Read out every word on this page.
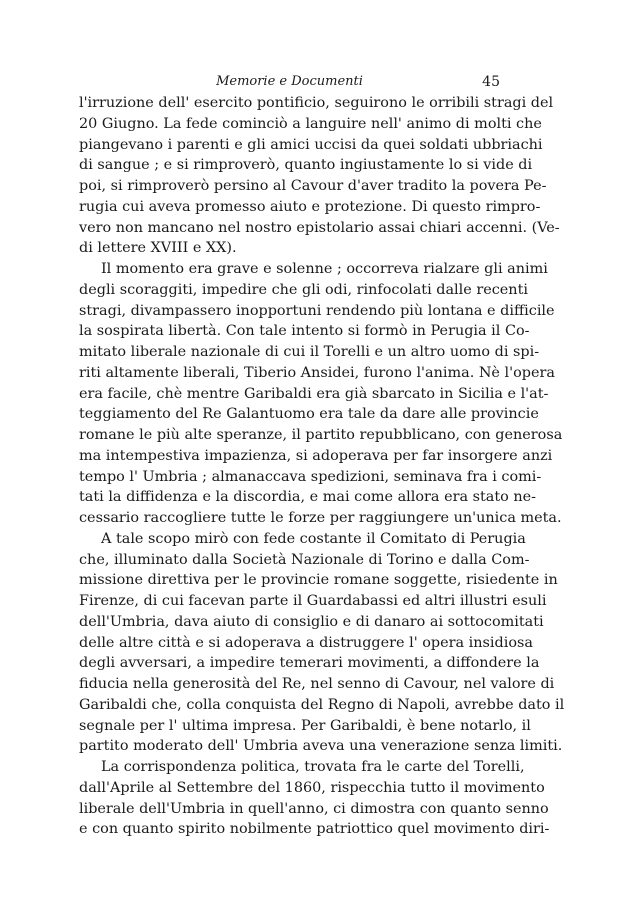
Memorie e Documenti	45
l'irruzione dell' esercito pontificio, seguirono le orribili stragi del
20 Giugno. La fede cominciò a languire nell' animo di molti che
piangevano i parenti e gli amici uccisi da quei soldati ubbriachi
di sangue ; e si rimproverò, quanto ingiustamente lo si vide di
poi, si rimproverò persino al Cavour d'aver tradito la povera Pe-
rugia cui aveva promesso aiuto e protezione. Di questo rimpro-
vero non mancano nel nostro epistolario assai chiari accenni. (Ve-
di lettere XVIII e XX).
Il momento era grave e solenne ; occorreva rialzare gli animi
degli scoraggiti, impedire che gli odi, rinfocolati dalle recenti
stragi, divampassero inopportuni rendendo più lontana e difficile
la sospirata libertà. Con tale intento si formò in Perugia il Co-
mitato liberale nazionale di cui il Torelli e un altro uomo di spi-
riti altamente liberali, Tiberio Ansidei, furono l'anima. Nè l'opera
era facile, chè mentre Garibaldi era già sbarcato in Sicilia e l'at-
teggiamento del Re Galantuomo era tale da dare alle provincie
romane le più alte speranze, il partito repubblicano, con generosa
ma intempestiva impazienza, si adoperava per far insorgere anzi
tempo l' Umbria ; almanaccava spedizioni, seminava fra i comi-
tati la diffidenza e la discordia, e mai come allora era stato ne-
cessario raccogliere tutte le forze per raggiungere un'unica meta.
A tale scopo mirò con fede costante il Comitato di Perugia
che, illuminato dalla Società Nazionale di Torino e dalla Com-
missione direttiva per le provincie romane soggette, risiedente in
Firenze, di cui facevan parte il Guardabassi ed altri illustri esuli
dell'Umbria, dava aiuto di consiglio e di danaro ai sottocomitati
delle altre città e si adoperava a distruggere l' opera insidiosa
degli avversari, a impedire temerari movimenti, a diffondere la
fiducia nella generosità del Re, nel senno di Cavour, nel valore di
Garibaldi che, colla conquista del Regno di Napoli, avrebbe dato il
segnale per l' ultima impresa. Per Garibaldi, è bene notarlo, il
partito moderato dell' Umbria aveva una venerazione senza limiti.
La corrispondenza politica, trovata fra le carte del Torelli,
dall'Aprile al Settembre del 1860, rispecchia tutto il movimento
liberale dell'Umbria in quell'anno, ci dimostra con quanto senno
e con quanto spirito nobilmente patriottico quel movimento diri-
